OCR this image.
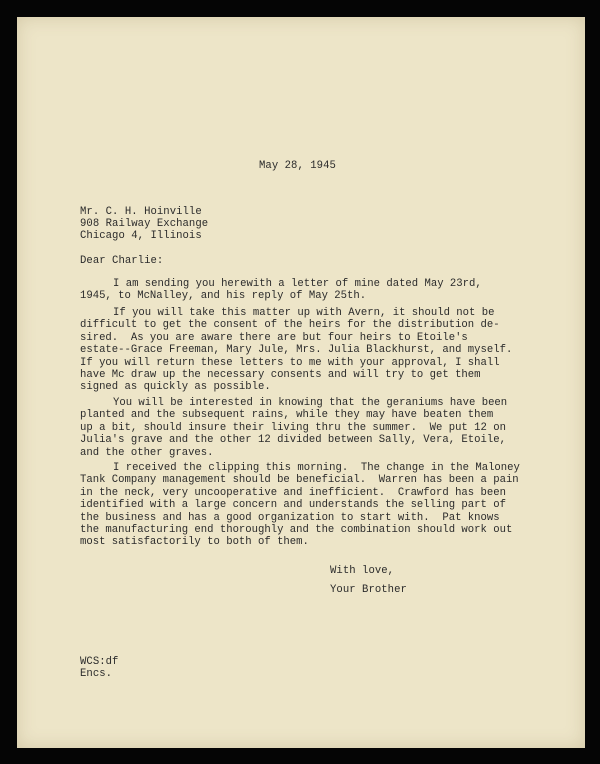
May 28, 1945
Mr. C. H. Hoinville
908 Railway Exchange
Chicago 4, Illinois
Dear Charlie:
I am sending you herewith a letter of mine dated May 23rd,
1945, to McNalley, and his reply of May 25th.
If you will take this matter up with Avern, it should not be
difficult to get the consent of the heirs for the distribution de-
sired.  As you are aware there are but four heirs to Etoile's
estate--Grace Freeman, Mary Jule, Mrs. Julia Blackhurst, and myself.
If you will return these letters to me with your approval, I shall
have Mc draw up the necessary consents and will try to get them
signed as quickly as possible.
You will be interested in knowing that the geraniums have been
planted and the subsequent rains, while they may have beaten them
up a bit, should insure their living thru the summer.  We put 12 on
Julia's grave and the other 12 divided between Sally, Vera, Etoile,
and the other graves.
I received the clipping this morning.  The change in the Maloney
Tank Company management should be beneficial.  Warren has been a pain
in the neck, very uncooperative and inefficient.  Crawford has been
identified with a large concern and understands the selling part of
the business and has a good organization to start with.  Pat knows
the manufacturing end thoroughly and the combination should work out
most satisfactorily to both of them.
With love,
Your Brother
WCS:df
Encs.
